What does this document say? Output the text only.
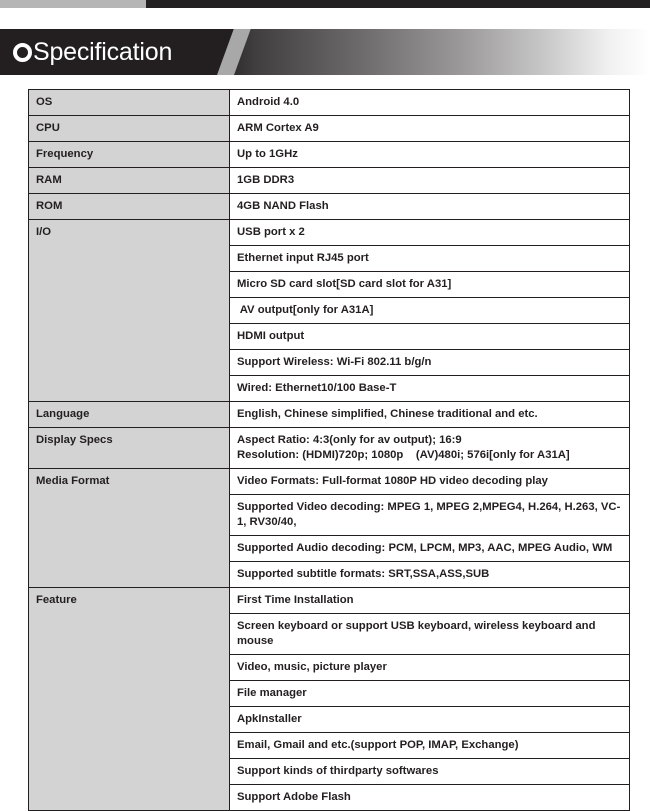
Specification
OS	Android 4.0
CPU	ARM Cortex A9
Frequency	Up to 1GHz
RAM	1GB DDR3
ROM	4GB NAND Flash
I/O	USB port x 2
	Ethernet input RJ45 port
	Micro SD card slot[SD card slot for A31]
	AV output[only for A31A]
	HDMI output
	Support Wireless: Wi-Fi 802.11 b/g/n
	Wired: Ethernet10/100 Base-T
Language	English, Chinese simplified, Chinese traditional and etc.
Display Specs	Aspect Ratio: 4:3(only for av output); 16:9
Resolution: (HDMI)720p; 1080p    (AV)480i; 576i[only for A31A]

Media Format	Video Formats: Full-format 1080P HD video decoding play
	Supported Video decoding: MPEG 1, MPEG 2,MPEG4, H.264, H.263, VC-1, RV30/40,
	Supported Audio decoding: PCM, LPCM, MP3, AAC, MPEG Audio, WM
	Supported subtitle formats: SRT,SSA,ASS,SUB
Feature	First Time Installation
	Screen keyboard or support USB keyboard, wireless keyboard and mouse
	Video, music, picture player
	File manager
	ApkInstaller
	Email, Gmail and etc.(support POP, IMAP, Exchange)
	Support kinds of thirdparty softwares
	Support Adobe Flash
